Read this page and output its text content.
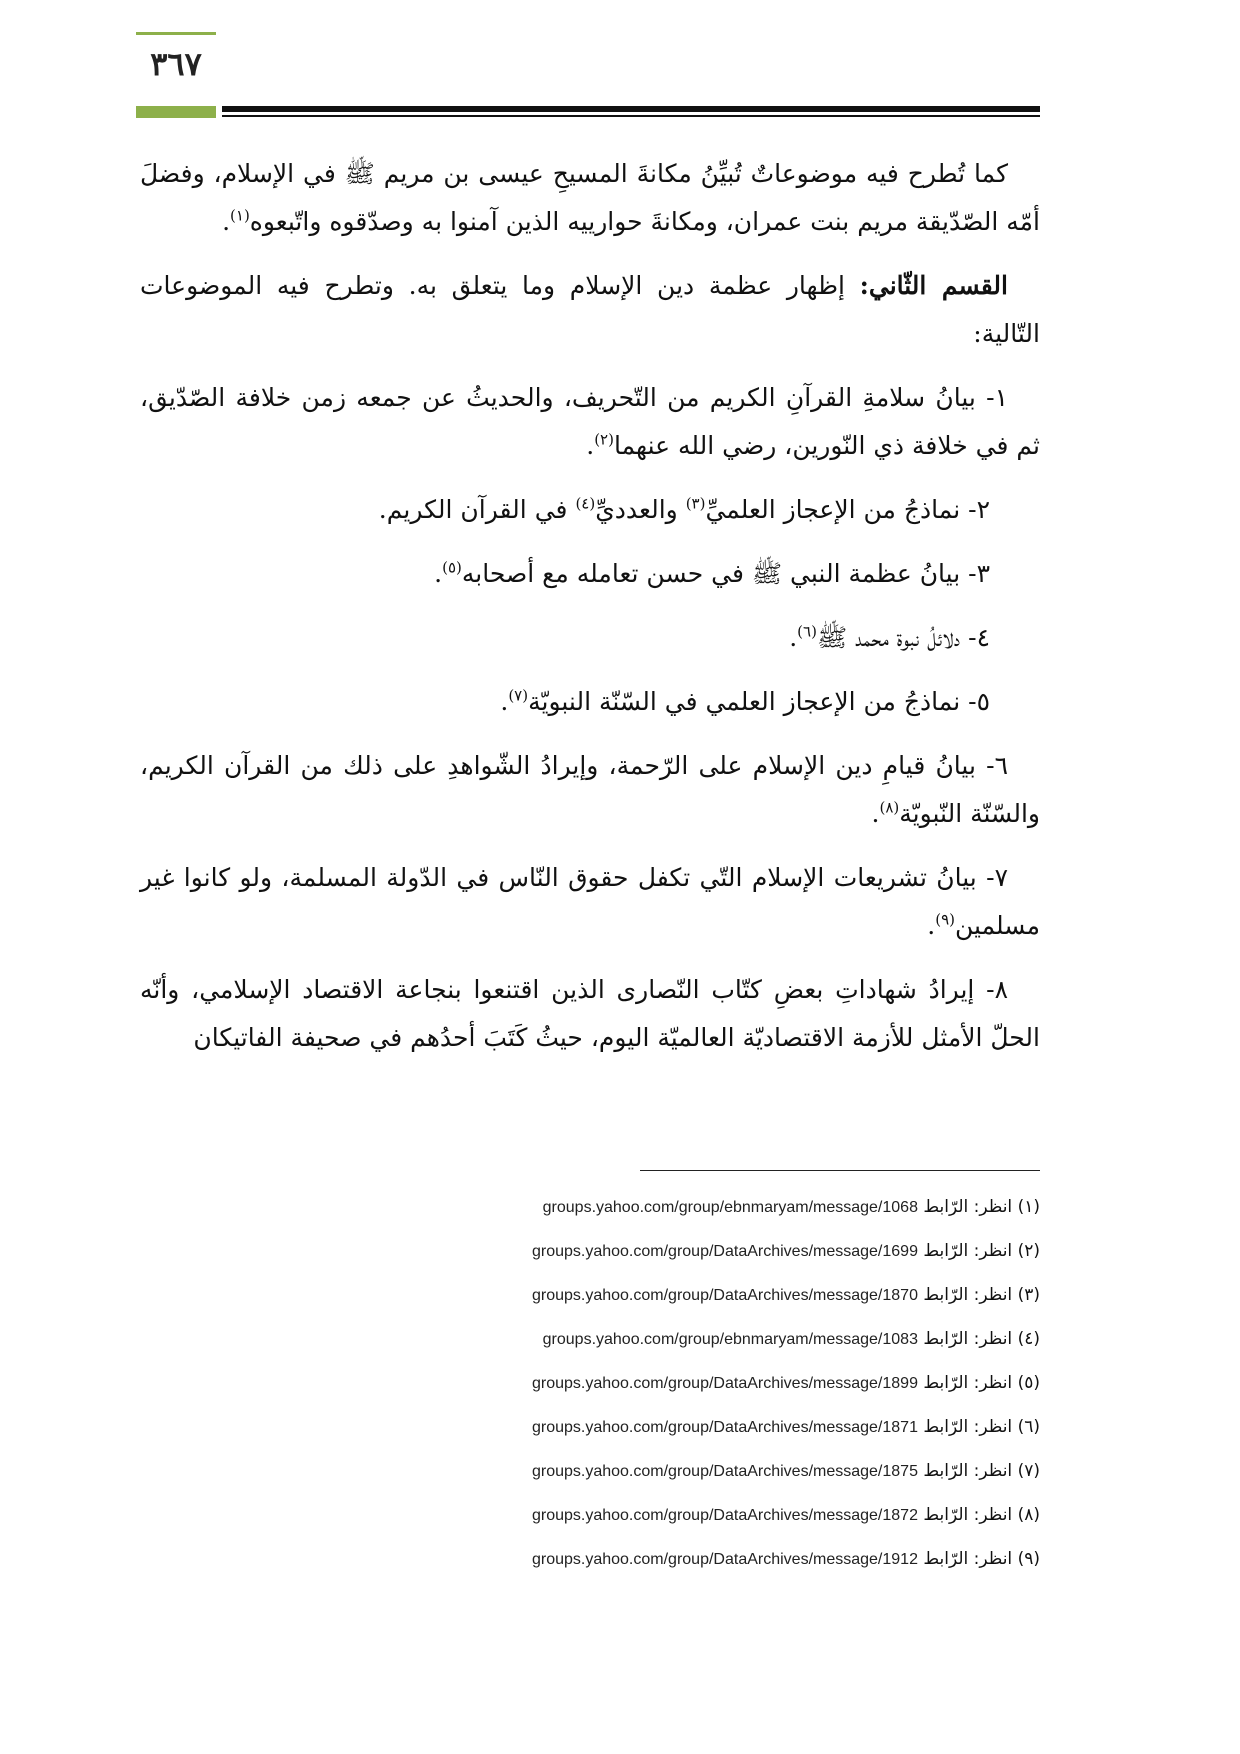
٣٦٧

كما تُطرح فيه موضوعاتٌ تُبيِّنُ مكانةَ المسيحِ عيسى بن مريم ﷺ في الإسلام، وفضلَ أمّه الصّدّيقة مريم بنت عمران، ومكانةَ حوارييه الذين آمنوا به وصدّقوه واتّبعوه$^{(١)}$.

القسم الثّاني: إظهار عظمة دين الإسلام وما يتعلق به. وتطرح فيه الموضوعات التّالية:

١- بيانُ سلامةِ القرآنِ الكريم من التّحريف، والحديثُ عن جمعه زمن خلافة الصّدّيق، ثم في خلافة ذي النّورين، رضي الله عنهما$^{(٢)}$.

٢- نماذجُ من الإعجاز العلميِّ$^{(٣)}$ والعدديِّ$^{(٤)}$ في القرآن الكريم.

٣- بيانُ عظمة النبي ﷺ في حسن تعامله مع أصحابه$^{(٥)}$.

٤- دلائلُ نبوة محمد ﷺ$^{(٦)}$.

٥- نماذجُ من الإعجاز العلمي في السّنّة النبويّة$^{(٧)}$.

٦- بيانُ قيامِ دين الإسلام على الرّحمة، وإيرادُ الشّواهدِ على ذلك من القرآن الكريم، والسّنّة النّبويّة$^{(٨)}$.

٧- بيانُ تشريعات الإسلام التّي تكفل حقوق النّاس في الدّولة المسلمة، ولو كانوا غير مسلمين$^{(٩)}$.

٨- إيرادُ شهاداتِ بعضِ كتّاب النّصارى الذين اقتنعوا بنجاعة الاقتصاد الإسلامي، وأنّه الحلّ الأمثل للأزمة الاقتصاديّة العالميّة اليوم، حيثُ كَتَبَ أحدُهم في صحيفة الفاتيكان

(١) انظر: الرّابط groups.yahoo.com/group/ebnmaryam/message/1068
(٢) انظر: الرّابط groups.yahoo.com/group/DataArchives/message/1699
(٣) انظر: الرّابط groups.yahoo.com/group/DataArchives/message/1870
(٤) انظر: الرّابط groups.yahoo.com/group/ebnmaryam/message/1083
(٥) انظر: الرّابط groups.yahoo.com/group/DataArchives/message/1899
(٦) انظر: الرّابط groups.yahoo.com/group/DataArchives/message/1871
(٧) انظر: الرّابط groups.yahoo.com/group/DataArchives/message/1875
(٨) انظر: الرّابط groups.yahoo.com/group/DataArchives/message/1872
(٩) انظر: الرّابط groups.yahoo.com/group/DataArchives/message/1912
